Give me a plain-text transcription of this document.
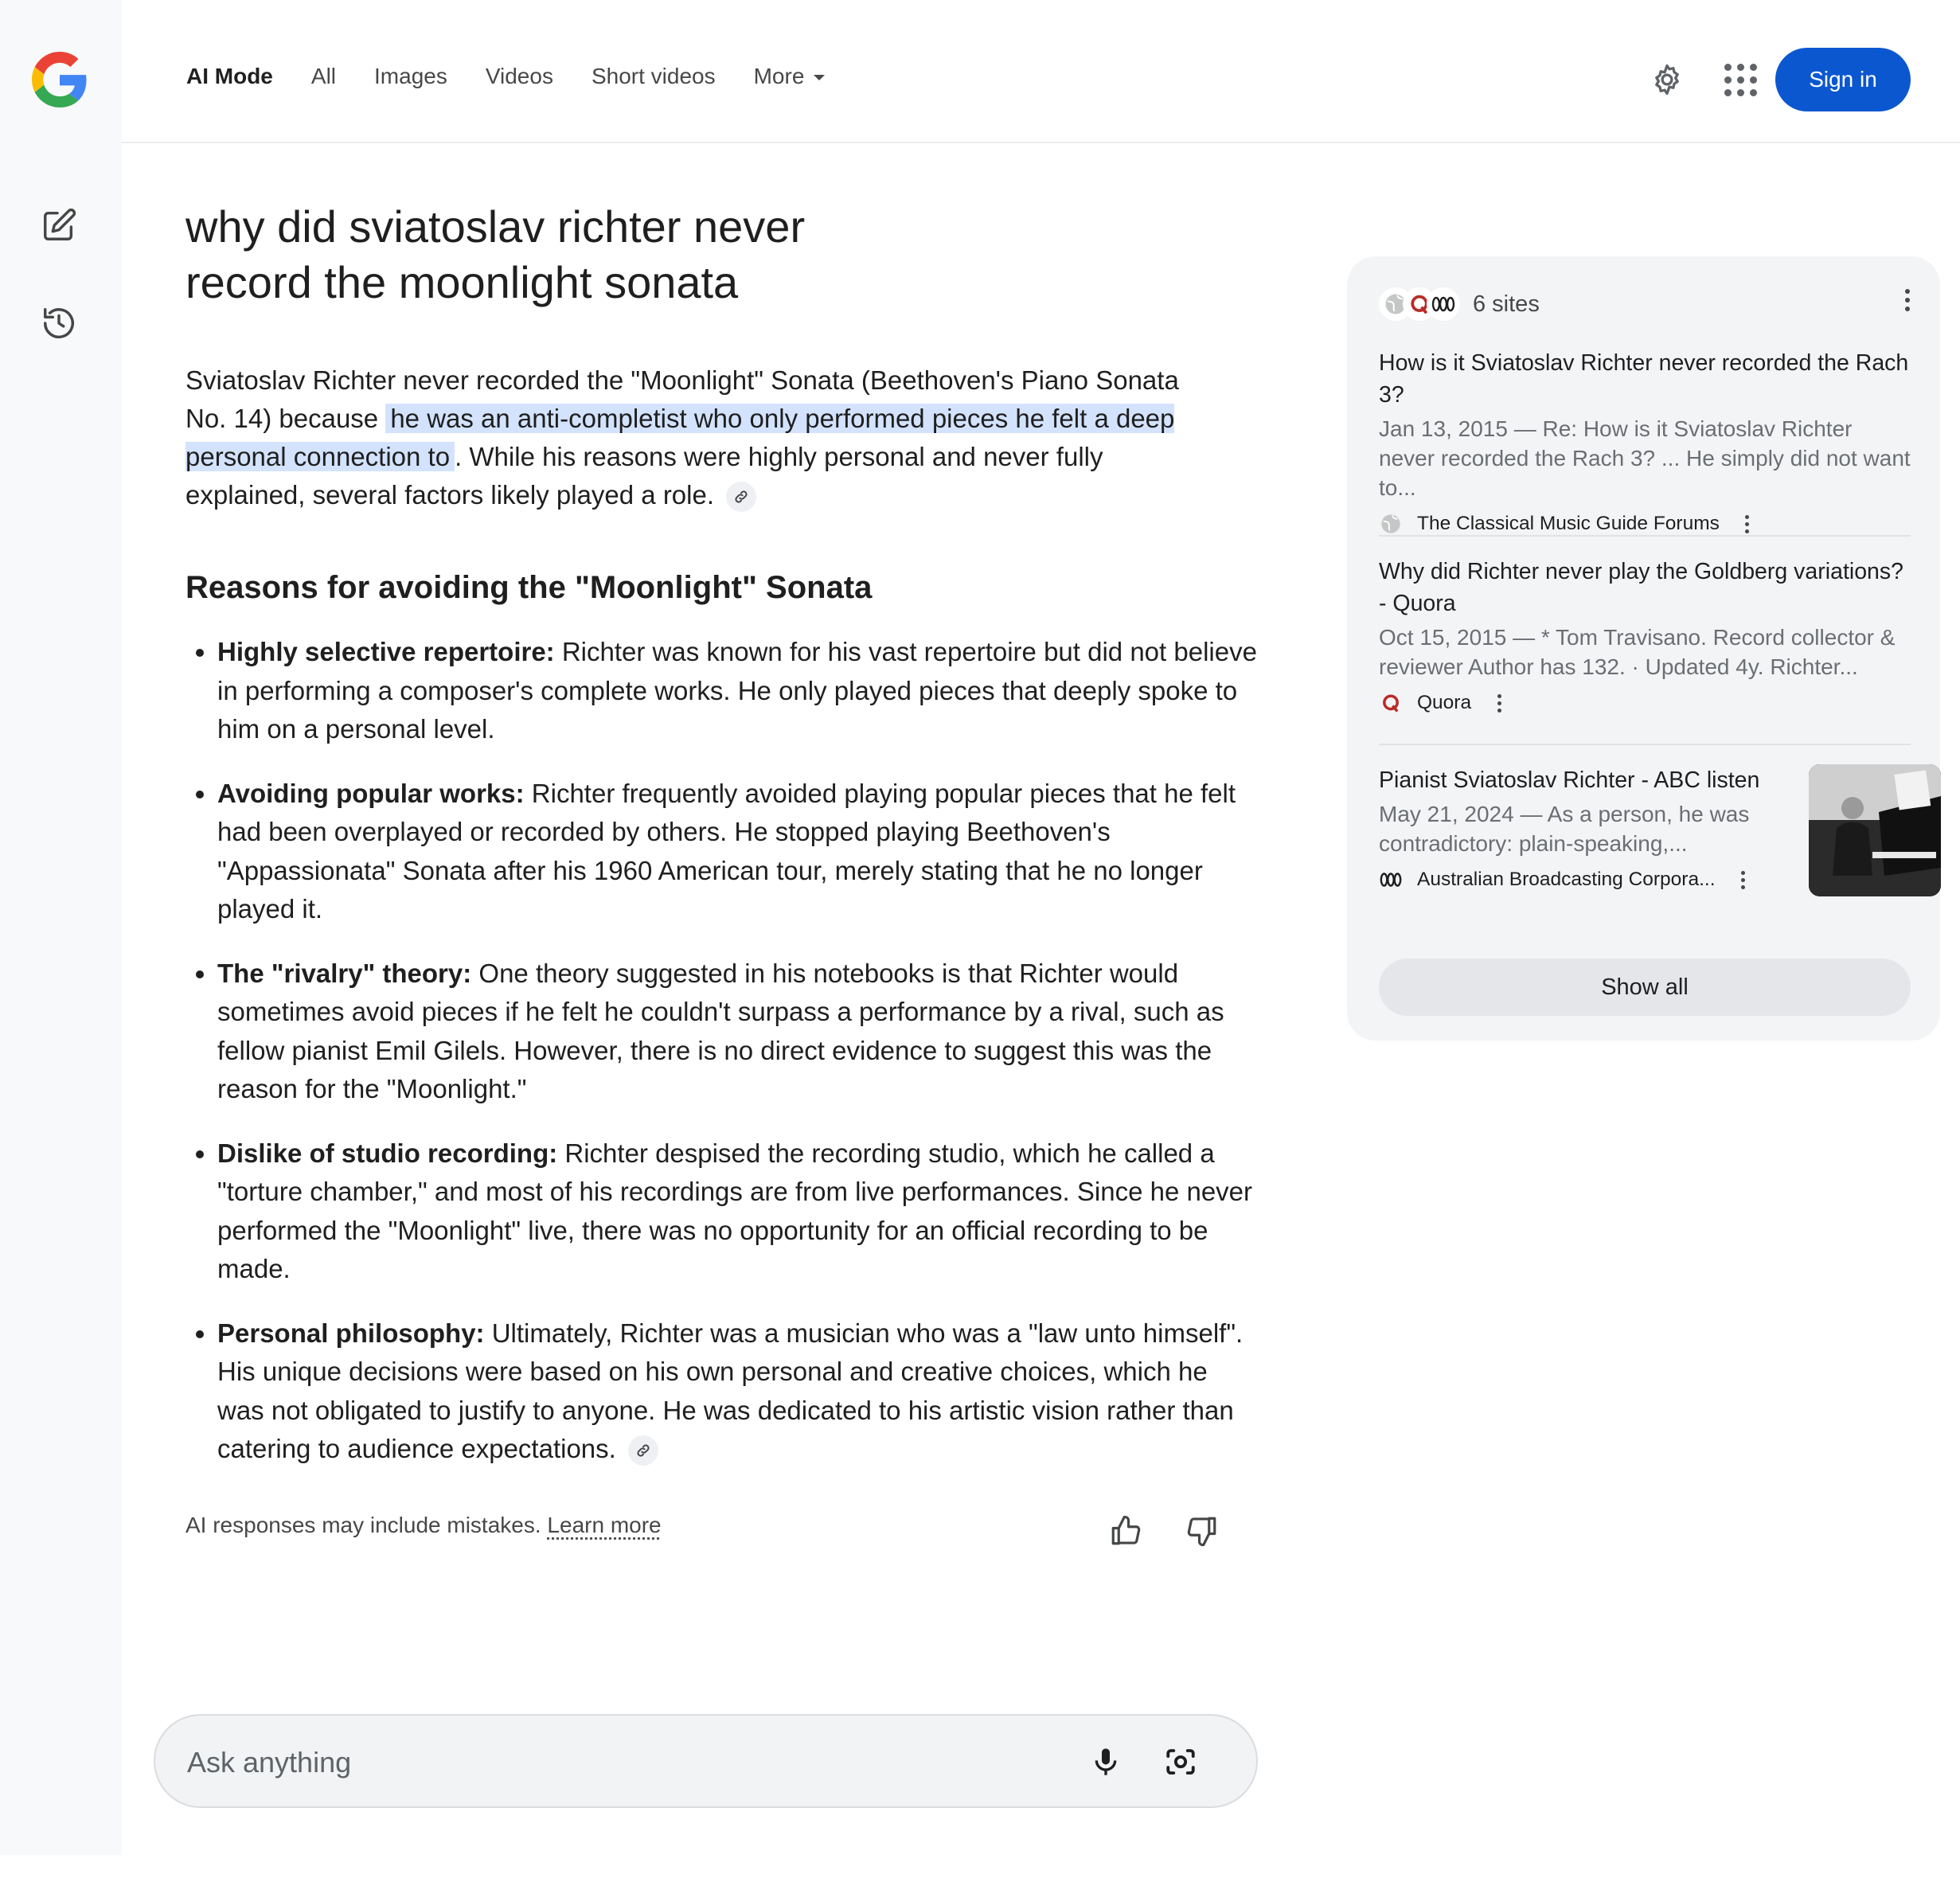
AI Mode All Images Videos Short videos More	Sign in
why did sviatoslav richter never record the moonlight sonata
Sviatoslav Richter never recorded the "Moonlight" Sonata (Beethoven's Piano Sonata No. 14) because he was an anti-completist who only performed pieces he felt a deep personal connection to . While his reasons were highly personal and never fully explained, several factors likely played a role.
Reasons for avoiding the "Moonlight" Sonata
• Highly selective repertoire: Richter was known for his vast repertoire but did not believe in performing a composer's complete works. He only played pieces that deeply spoke to him on a personal level.
• Avoiding popular works: Richter frequently avoided playing popular pieces that he felt had been overplayed or recorded by others. He stopped playing Beethoven's "Appassionata" Sonata after his 1960 American tour, merely stating that he no longer played it.
• The "rivalry" theory: One theory suggested in his notebooks is that Richter would sometimes avoid pieces if he felt he couldn't surpass a performance by a rival, such as fellow pianist Emil Gilels. However, there is no direct evidence to suggest this was the reason for the "Moonlight."
• Dislike of studio recording: Richter despised the recording studio, which he called a "torture chamber," and most of his recordings are from live performances. Since he never performed the "Moonlight" live, there was no opportunity for an official recording to be made.
• Personal philosophy: Ultimately, Richter was a musician who was a "law unto himself". His unique decisions were based on his own personal and creative choices, which he was not obligated to justify to anyone. He was dedicated to his artistic vision rather than catering to audience expectations.
AI responses may include mistakes. Learn more
Ask anything
6 sites
How is it Sviatoslav Richter never recorded the Rach 3?
Jan 13, 2015 — Re: How is it Sviatoslav Richter never recorded the Rach 3? ... He simply did not want to...
The Classical Music Guide Forums
Why did Richter never play the Goldberg variations? - Quora
Oct 15, 2015 — * Tom Travisano. Record collector & reviewer Author has 132. · Updated 4y. Richter...
Quora
Pianist Sviatoslav Richter - ABC listen
May 21, 2024 — As a person, he was contradictory: plain-speaking,...
Australian Broadcasting Corpora...
Show all
